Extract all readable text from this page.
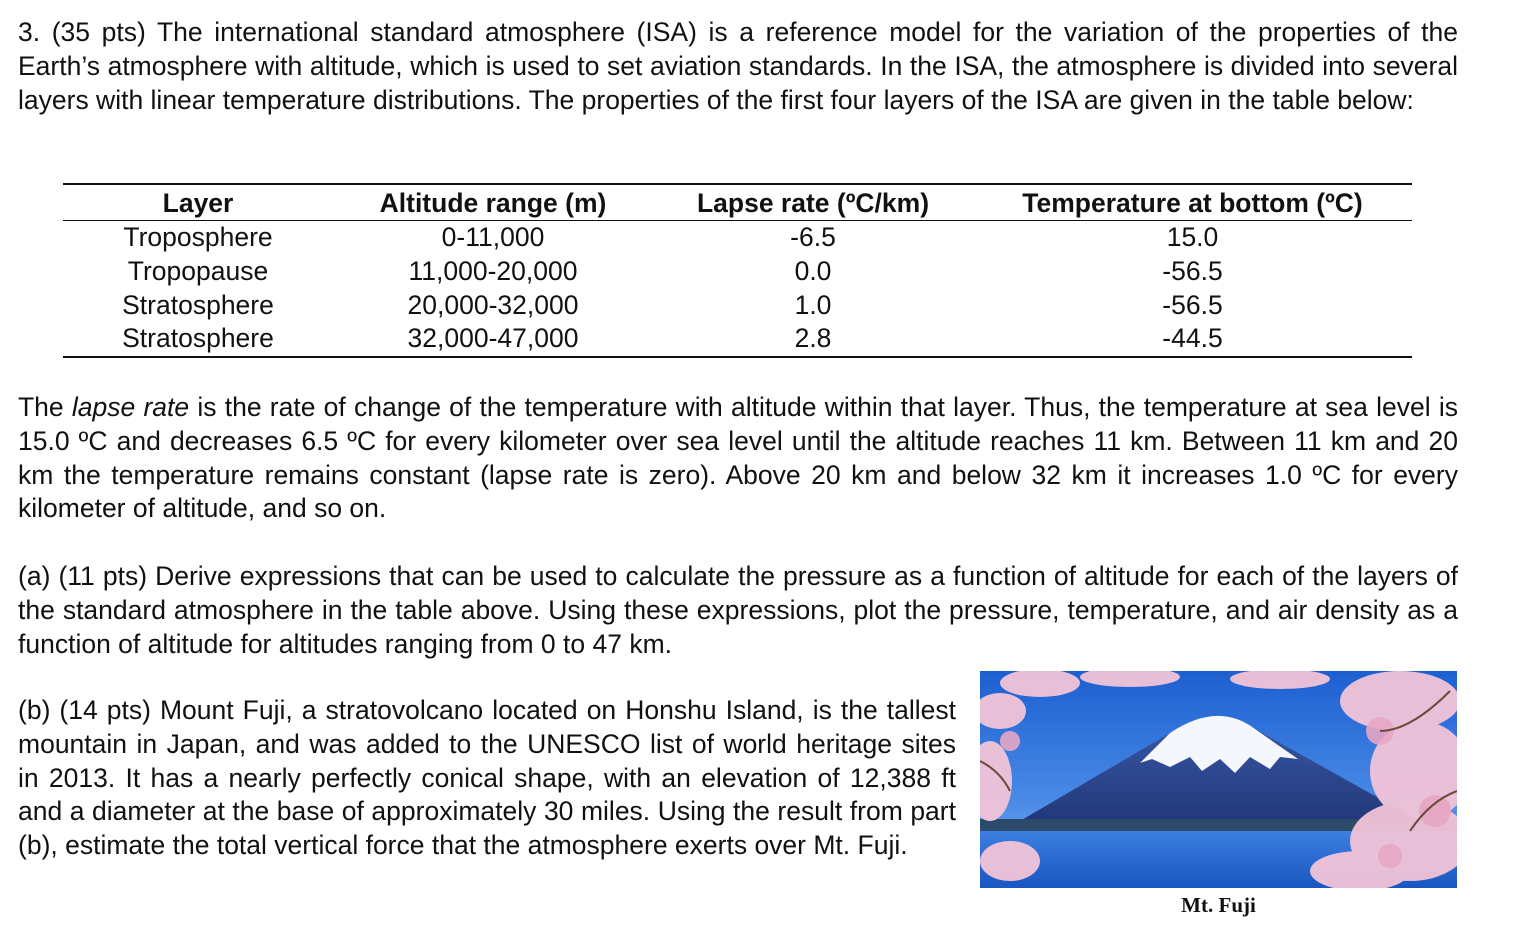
3. (35 pts) The international standard atmosphere (ISA) is a reference model for the variation of the properties of the Earth’s atmosphere with altitude, which is used to set aviation standards. In the ISA, the atmosphere is divided into several layers with linear temperature distributions. The properties of the first four layers of the ISA are given in the table below:

Layer	Altitude range (m)	Lapse rate (ºC/km)	Temperature at bottom (ºC)
Troposphere	0-11,000	-6.5	15.0
Tropopause	11,000-20,000	0.0	-56.5
Stratosphere	20,000-32,000	1.0	-56.5
Stratosphere	32,000-47,000	2.8	-44.5

The lapse rate is the rate of change of the temperature with altitude within that layer. Thus, the temperature at sea level is 15.0 ºC and decreases 6.5 ºC for every kilometer over sea level until the altitude reaches 11 km. Between 11 km and 20 km the temperature remains constant (lapse rate is zero). Above 20 km and below 32 km it increases 1.0 ºC for every kilometer of altitude, and so on.

(a) (11 pts) Derive expressions that can be used to calculate the pressure as a function of altitude for each of the layers of the standard atmosphere in the table above. Using these expressions, plot the pressure, temperature, and air density as a function of altitude for altitudes ranging from 0 to 47 km.

(b) (14 pts) Mount Fuji, a stratovolcano located on Honshu Island, is the tallest mountain in Japan, and was added to the UNESCO list of world heritage sites in 2013. It has a nearly perfectly conical shape, with an elevation of 12,388 ft and a diameter at the base of approximately 30 miles. Using the result from part (b), estimate the total vertical force that the atmosphere exerts over Mt. Fuji.

Mt. Fuji
